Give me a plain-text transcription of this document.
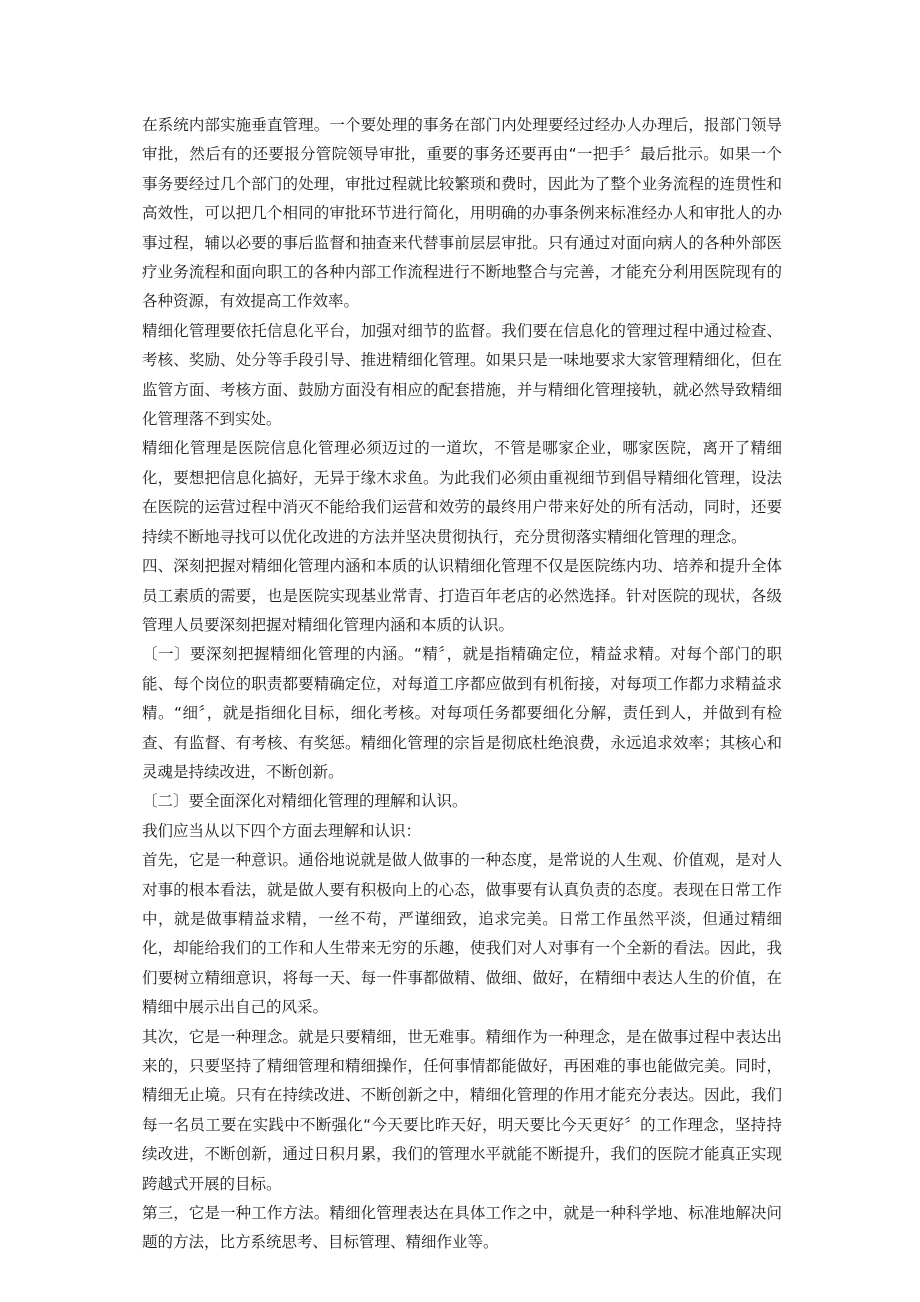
在系统内部实施垂直管理。一个要处理的事务在部门内处理要经过经办人办理后，报部门领导审批，然后有的还要报分管院领导审批，重要的事务还要再由“一把手〞最后批示。如果一个事务要经过几个部门的处理，审批过程就比较繁琐和费时，因此为了整个业务流程的连贯性和高效性，可以把几个相同的审批环节进行简化，用明确的办事条例来标准经办人和审批人的办事过程，辅以必要的事后监督和抽查来代替事前层层审批。只有通过对面向病人的各种外部医疗业务流程和面向职工的各种内部工作流程进行不断地整合与完善，才能充分利用医院现有的各种资源，有效提高工作效率。

精细化管理要依托信息化平台，加强对细节的监督。我们要在信息化的管理过程中通过检查、考核、奖励、处分等手段引导、推进精细化管理。如果只是一味地要求大家管理精细化，但在监管方面、考核方面、鼓励方面没有相应的配套措施，并与精细化管理接轨，就必然导致精细化管理落不到实处。

精细化管理是医院信息化管理必须迈过的一道坎，不管是哪家企业，哪家医院，离开了精细化，要想把信息化搞好，无异于缘木求鱼。为此我们必须由重视细节到倡导精细化管理，设法在医院的运营过程中消灭不能给我们运营和效劳的最终用户带来好处的所有活动，同时，还要持续不断地寻找可以优化改进的方法并坚决贯彻执行，充分贯彻落实精细化管理的理念。

四、深刻把握对精细化管理内涵和本质的认识精细化管理不仅是医院练内功、培养和提升全体员工素质的需要，也是医院实现基业常青、打造百年老店的必然选择。针对医院的现状，各级管理人员要深刻把握对精细化管理内涵和本质的认识。

〔一〕要深刻把握精细化管理的内涵。“精〞，就是指精确定位，精益求精。对每个部门的职能、每个岗位的职责都要精确定位，对每道工序都应做到有机衔接，对每项工作都力求精益求精。“细〞，就是指细化目标，细化考核。对每项任务都要细化分解，责任到人，并做到有检查、有监督、有考核、有奖惩。精细化管理的宗旨是彻底杜绝浪费，永远追求效率；其核心和灵魂是持续改进，不断创新。

〔二〕要全面深化对精细化管理的理解和认识。

我们应当从以下四个方面去理解和认识：

首先，它是一种意识。通俗地说就是做人做事的一种态度，是常说的人生观、价值观，是对人对事的根本看法，就是做人要有积极向上的心态，做事要有认真负责的态度。表现在日常工作中，就是做事精益求精，一丝不苟，严谨细致，追求完美。日常工作虽然平淡，但通过精细化，却能给我们的工作和人生带来无穷的乐趣，使我们对人对事有一个全新的看法。因此，我们要树立精细意识，将每一天、每一件事都做精、做细、做好，在精细中表达人生的价值，在精细中展示出自己的风采。

其次，它是一种理念。就是只要精细，世无难事。精细作为一种理念，是在做事过程中表达出来的，只要坚持了精细管理和精细操作，任何事情都能做好，再困难的事也能做完美。同时，精细无止境。只有在持续改进、不断创新之中，精细化管理的作用才能充分表达。因此，我们每一名员工要在实践中不断强化“今天要比昨天好，明天要比今天更好〞的工作理念，坚持持续改进，不断创新，通过日积月累，我们的管理水平就能不断提升，我们的医院才能真正实现跨越式开展的目标。

第三，它是一种工作方法。精细化管理表达在具体工作之中，就是一种科学地、标准地解决问题的方法，比方系统思考、目标管理、精细作业等。
